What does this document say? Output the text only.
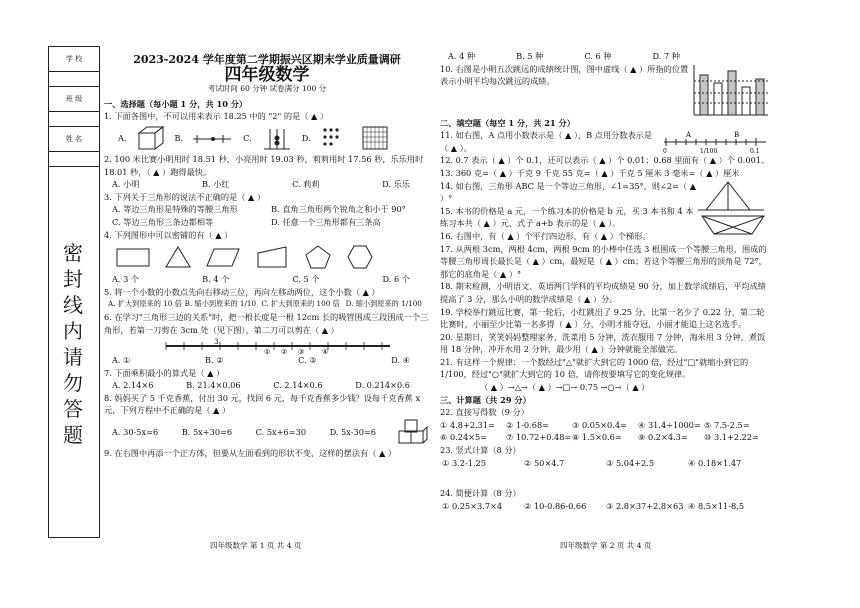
学 校
班 级
姓 名
密
封
线
内
请
勿
答
题
2023-2024 学年度第二学期振兴区期末学业质量调研
四年级数学
考试时间 60 分钟 试卷满分 100 分
一、选择题（每小题 1 分，共 10 分）
1. 下面各图中，不可以用来表示 18.25 中的 "2" 的是（ ▲ ）
A.	B.	C.	D.
2. 100 米比赛小明用时 18.51 秒，小亮用时 19.03 秒，莉莉用时 17.56 秒，乐乐用时 18.01 秒，（ ▲ ）跑得最快。
A. 小明	B. 小红	C. 莉莉	D. 乐乐
3. 下列关于三角形的说法不正确的是（ ▲ ）
A. 等边三角形是特殊的等腰三角形	B. 直角三角形两个锐角之和小于 90°
C. 等边三角形三条边都相等	D. 任意一个三角形都有三条高
4. 下列图形中可以密铺的有（ ▲ ）
A. 3 个	B. 4 个	C. 5 个	D. 6 个
5. 将一个小数的小数点先向右移动三位，再向左移动两位，这个小数（ ▲ ）
A. 扩大到原来的 10 倍 B. 缩小到原来的 1/10 C. 扩大到原来的 100 倍 D. 缩小到原来的 1/100
6. 在学习"三角形三边的关系"时，把一根长度是一根 12cm 长的吸管围成三段围成一个三角形，若第一刀剪在 3cm 处（见下图），第二刀可以剪在（ ▲ ）
3
① ② ③	④
A. ①	B. ②	C. ③	D. ④
7. 下面乘积最小的算式是（ ▲ ）
A. 2.14×6	B. 21.4×0.06	C. 2.14×0.6	D. 0.214×0.6
8. 妈妈买了 5 千克香蕉，付出 30 元，找回 6 元，每千克香蕉多少钱？设每千克香蕉 x 元，下列方程中不正确的是（ ▲ ）
A. 30-5x=6	B. 5x+30=6	C. 5x+6=30	D. 5x-30=6
9. 在右图中再添一个正方体，但要从左面看到的形状不变，这样的摆法有（ ▲ ）
A. 4 种	B. 5 种	C. 6 种	D. 7 种
10. 右图是小明五次跳远的成绩统计图，图中虚线（ ▲ ）所指的位置表示小明平均每次跳远的成绩。
二、填空题（每空 1 分，共 21 分）
11. 如右图，A 点用小数表示是（ ▲ ），B 点用分数表示是（ ▲ ）。
A	B
0	1/100	0.1
12. 0.7 表示（ ▲ ）个 0.1，还可以表示（ ▲ ）个 0.01；0.68 里面有（ ▲ ）个 0.001。
13. 360 克=（ ▲ ）千克 9 千克 55 克=（ ▲ ）千克 5 厘米 3 毫米=（ ▲ ）厘米
14. 如右图，三角形 ABC 是一个等边三角形，∠1=35°，则∠2=（ ▲ ）°
15. 本书的价格是 a 元，一个练习本的价格是 b 元，买 3 本书和 4 本练习本共（ ▲ ）元，式子 a+b 表示的是（ ▲ ）。
16. 右图中，有（ ▲ ）个平行四边形，有（ ▲ ）个梯形。
17. 从两根 3cm，两根 4cm，两根 9cm 的小棒中任选 3 根围成一个等腰三角形，围成的等腰三角形周长最长是（ ▲ ）cm，最短是（ ▲ ）cm；若这个等腰三角形的顶角是 72°，那它的底角是（ ▲ ）°
18. 期末检测，小明语文、英语两门学科的平均成绩是 90 分，加上数学成绩后，平均成绩提高了 3 分，那么小明的数学成绩是（ ▲ ）分。
19. 学校举行跳远比赛，第一轮后，小红跳出了 9.25 分，比第一名少了 0.22 分，第二轮比赛时，小丽至少比第一名多得（ ▲ ）分，小明才能夺冠，小丽才能追上这名选手。
20. 星期日，笑笑妈妈整理家务，洗菜用 5 分钟，洗衣服用 7 分钟，淘米用 3 分钟，煮饭用 18 分钟，冲开水用 2 分钟，最少用（ ▲ ）分钟就能全部做完。
21. 有这样一个规律：一个数经过"△"就扩大到它的 1000 倍，经过"□"就缩小到它的 1/100，经过"○"就扩大到它的 10 倍，请你按要填写它的变化规律。
（ ▲ ）→△→（ ▲ ）→□→ 0.75 →○→（ ▲ ）
三、计算题（共 29 分）
22. 直接写得数（9 分）
① 4.8+2.31=	② 1-0.68=	③ 0.05×0.4=	④ 31.4÷1000= ⑤ 7.5-2.5=
⑥ 0.24×5=	⑦ 10.72+0.48= ⑧ 1.5×0.6=	⑨ 0.2×4.3=	⑩ 3.1+2.22=
23. 竖式计算（8 分）
① 3.2-1.25	② 50×4.7	③ 5.04+2.5	④ 0.18×1.47
24. 简便计算（8 分）
① 0.25×3.7×4	② 10-0.86-0.66	③ 2.8×37+2.8×63 ④ 8.5×11-8.5
四年级数学 第 1 页 共 4 页	四年级数学 第 2 页 共 4 页
